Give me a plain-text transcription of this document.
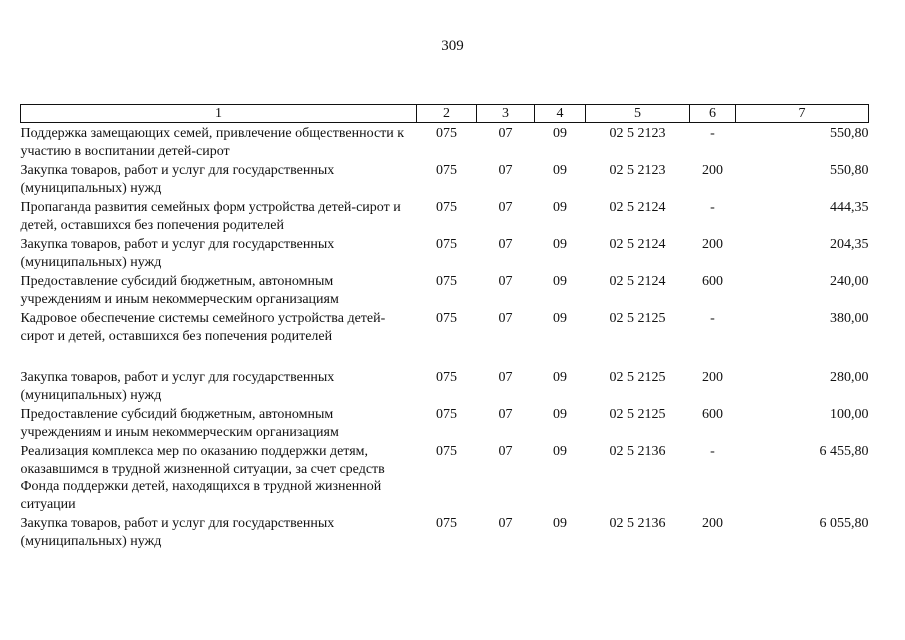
309
1	2	3	4	5	6	7
Поддержка замещающих семей, привлечение общественности к участию в воспитании детей-сирот	075	07	09	02 5 2123	-	550,80
Закупка товаров, работ и услуг для государственных (муниципальных) нужд	075	07	09	02 5 2123	200	550,80
Пропаганда развития семейных форм устройства детей-сирот и детей, оставшихся без попечения родителей	075	07	09	02 5 2124	-	444,35
Закупка товаров, работ и услуг для государственных (муниципальных) нужд	075	07	09	02 5 2124	200	204,35
Предоставление субсидий бюджетным, автономным учреждениям и иным некоммерческим организациям	075	07	09	02 5 2124	600	240,00
Кадровое обеспечение системы семейного устройства детей-сирот и детей, оставшихся без попечения родителей	075	07	09	02 5 2125	-	380,00
Закупка товаров, работ и услуг для государственных (муниципальных) нужд	075	07	09	02 5 2125	200	280,00
Предоставление субсидий бюджетным, автономным учреждениям и иным некоммерческим организациям	075	07	09	02 5 2125	600	100,00
Реализация комплекса мер по оказанию поддержки детям, оказавшимся в трудной жизненной ситуации, за счет средств Фонда поддержки детей, находящихся в трудной жизненной ситуации	075	07	09	02 5 2136	-	6 455,80
Закупка товаров, работ и услуг для государственных (муниципальных) нужд	075	07	09	02 5 2136	200	6 055,80
